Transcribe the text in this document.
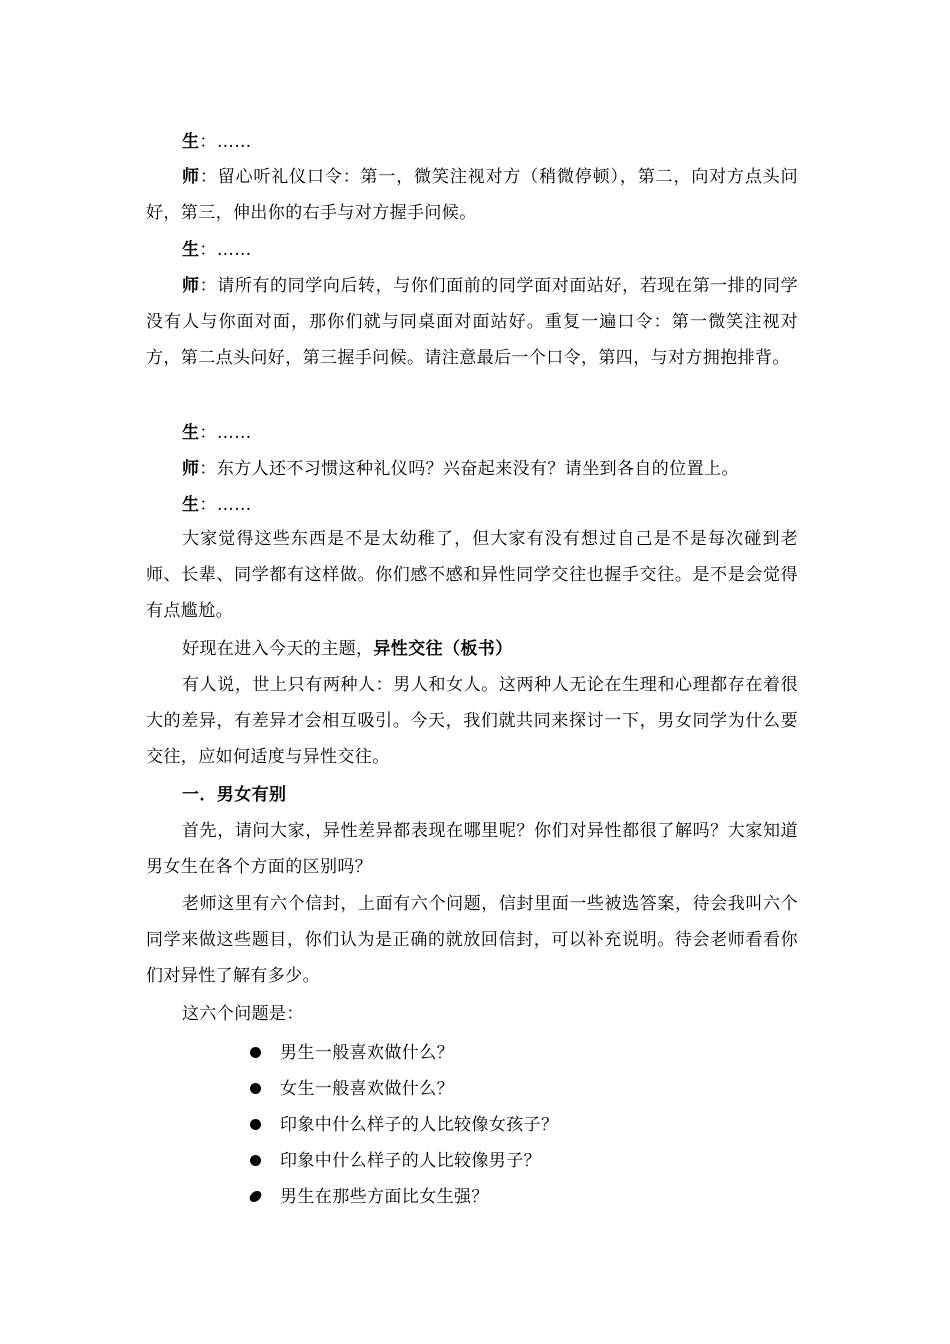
生：……
师：留心听礼仪口令：第一，微笑注视对方（稍微停顿），第二，向对方点头问好，第三，伸出你的右手与对方握手问候。
生：……
师：请所有的同学向后转，与你们面前的同学面对面站好，若现在第一排的同学没有人与你面对面，那你们就与同桌面对面站好。重复一遍口令：第一微笑注视对方，第二点头问好，第三握手问候。请注意最后一个口令，第四，与对方拥抱排背。
生：……
师：东方人还不习惯这种礼仪吗？兴奋起来没有？请坐到各自的位置上。
生：……
大家觉得这些东西是不是太幼稚了，但大家有没有想过自己是不是每次碰到老师、长辈、同学都有这样做。你们感不感和异性同学交往也握手交往。是不是会觉得有点尴尬。
好现在进入今天的主题，异性交往（板书）
有人说，世上只有两种人：男人和女人。这两种人无论在生理和心理都存在着很大的差异，有差异才会相互吸引。今天，我们就共同来探讨一下，男女同学为什么要交往，应如何适度与异性交往。
一．男女有别
首先，请问大家，异性差异都表现在哪里呢？你们对异性都很了解吗？大家知道男女生在各个方面的区别吗？
老师这里有六个信封，上面有六个问题，信封里面一些被选答案，待会我叫六个同学来做这些题目，你们认为是正确的就放回信封，可以补充说明。待会老师看看你们对异性了解有多少。
这六个问题是：
男生一般喜欢做什么？
女生一般喜欢做什么？
印象中什么样子的人比较像女孩子？
印象中什么样子的人比较像男子？
男生在那些方面比女生强？
